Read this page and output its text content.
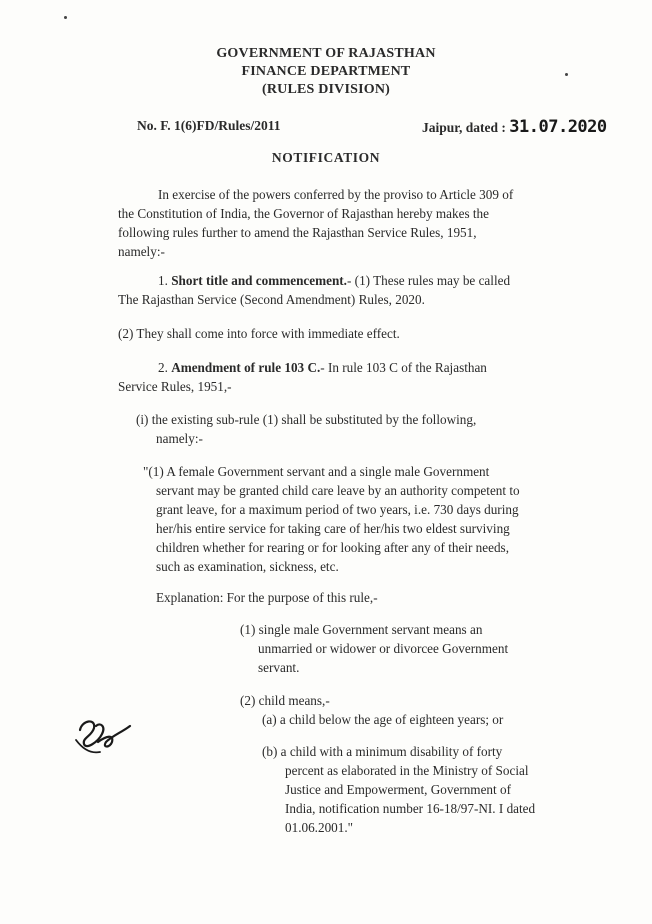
GOVERNMENT OF RAJASTHAN
FINANCE DEPARTMENT
(RULES DIVISION)
No. F. 1(6)FD/Rules/2011	Jaipur, dated : 31.07.2020
NOTIFICATION
In exercise of the powers conferred by the proviso to Article 309 of
the Constitution of India, the Governor of Rajasthan hereby makes the
following rules further to amend the Rajasthan Service Rules, 1951,
namely:-
1. Short title and commencement.- (1) These rules may be called
The Rajasthan Service (Second Amendment) Rules, 2020.
(2) They shall come into force with immediate effect.
2. Amendment of rule 103 C.- In rule 103 C of the Rajasthan
Service Rules, 1951,-
(i) the existing sub-rule (1) shall be substituted by the following,
namely:-
"(1) A female Government servant and a single male Government
servant may be granted child care leave by an authority competent to
grant leave, for a maximum period of two years, i.e. 730 days during
her/his entire service for taking care of her/his two eldest surviving
children whether for rearing or for looking after any of their needs,
such as examination, sickness, etc.
Explanation: For the purpose of this rule,-
(1) single male Government servant means an
unmarried or widower or divorcee Government
servant.
(2) child means,-
(a) a child below the age of eighteen years; or
(b) a child with a minimum disability of forty
percent as elaborated in the Ministry of Social
Justice and Empowerment, Government of
India, notification number 16-18/97-NI. I dated
01.06.2001."
